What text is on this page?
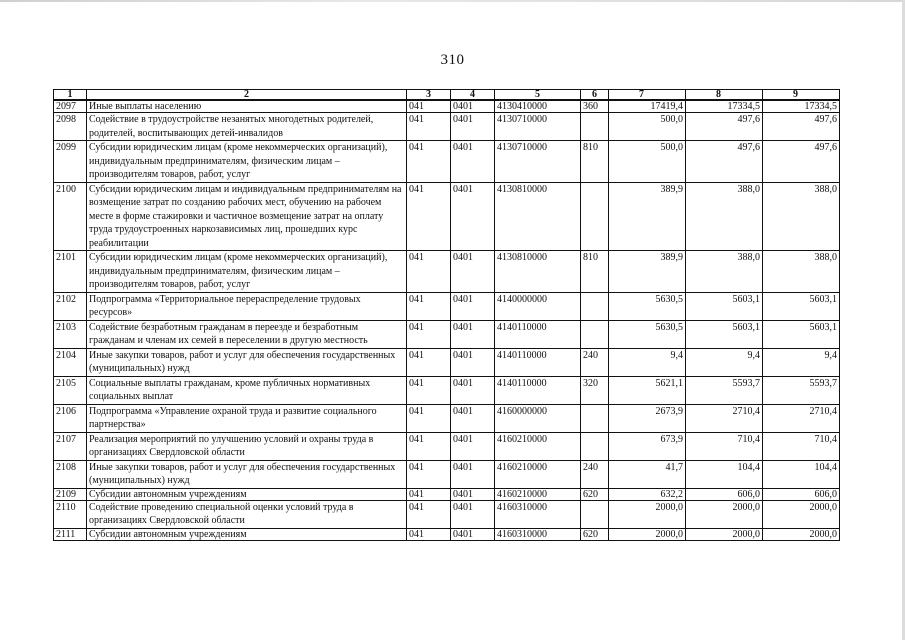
310
1	2	3	4	5	6	7	8	9
2097	Иные выплаты населению	041	0401	4130410000	360	17419,4	17334,5	17334,5
2098	Содействие в трудоустройстве незанятых многодетных родителей, родителей, воспитывающих детей-инвалидов	041	0401	4130710000		500,0	497,6	497,6
2099	Субсидии юридическим лицам (кроме некоммерческих организаций), индивидуальным предпринимателям, физическим лицам – производителям товаров, работ, услуг	041	0401	4130710000	810	500,0	497,6	497,6
2100	Субсидии юридическим лицам и индивидуальным предпринимателям на возмещение затрат по созданию рабочих мест, обучению на рабочем месте в форме стажировки и частичное возмещение затрат на оплату труда трудоустроенных наркозависимых лиц, прошедших курс реабилитации	041	0401	4130810000		389,9	388,0	388,0
2101	Субсидии юридическим лицам (кроме некоммерческих организаций), индивидуальным предпринимателям, физическим лицам – производителям товаров, работ, услуг	041	0401	4130810000	810	389,9	388,0	388,0
2102	Подпрограмма «Территориальное перераспределение трудовых ресурсов»	041	0401	4140000000		5630,5	5603,1	5603,1
2103	Содействие безработным гражданам в переезде и безработным гражданам и членам их семей в переселении в другую местность	041	0401	4140110000		5630,5	5603,1	5603,1
2104	Иные закупки товаров, работ и услуг для обеспечения государственных (муниципальных) нужд	041	0401	4140110000	240	9,4	9,4	9,4
2105	Социальные выплаты гражданам, кроме публичных нормативных социальных выплат	041	0401	4140110000	320	5621,1	5593,7	5593,7
2106	Подпрограмма «Управление охраной труда и развитие социального партнерства»	041	0401	4160000000		2673,9	2710,4	2710,4
2107	Реализация мероприятий по улучшению условий и охраны труда в организациях Свердловской области	041	0401	4160210000		673,9	710,4	710,4
2108	Иные закупки товаров, работ и услуг для обеспечения государственных (муниципальных) нужд	041	0401	4160210000	240	41,7	104,4	104,4
2109	Субсидии автономным учреждениям	041	0401	4160210000	620	632,2	606,0	606,0
2110	Содействие проведению специальной оценки условий труда в организациях Свердловской области	041	0401	4160310000		2000,0	2000,0	2000,0
2111	Субсидии автономным учреждениям	041	0401	4160310000	620	2000,0	2000,0	2000,0
